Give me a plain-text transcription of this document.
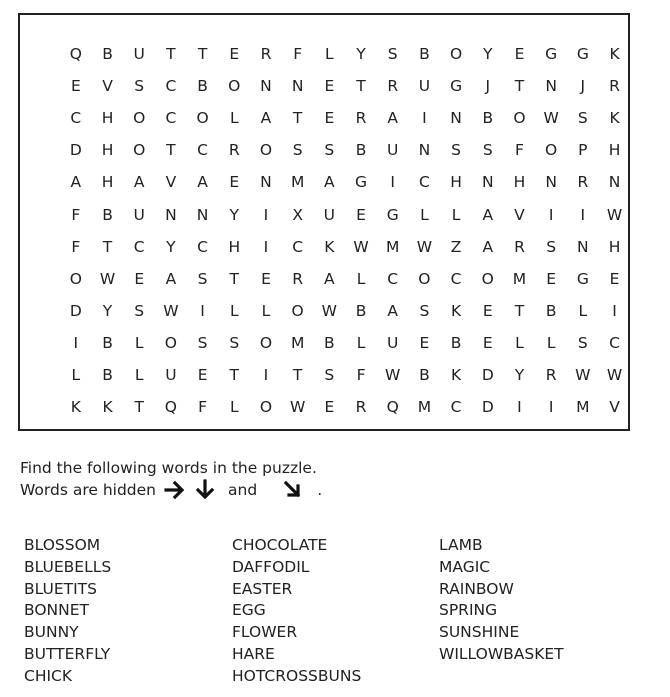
Q	B	U	T	T	E	R	F	L	Y	S	B	O	Y	E	G	G	K
E	V	S	C	B	O	N	N	E	T	R	U	G	J	T	N	J	R
C	H	O	C	O	L	A	T	E	R	A	I	N	B	O	W	S	K
D	H	O	T	C	R	O	S	S	B	U	N	S	S	F	O	P	H
A	H	A	V	A	E	N	M	A	G	I	C	H	N	H	N	R	N
F	B	U	N	N	Y	I	X	U	E	G	L	L	A	V	I	I	W
F	T	C	Y	C	H	I	C	K	W	M	W	Z	A	R	S	N	H
O	W	E	A	S	T	E	R	A	L	C	O	C	O	M	E	G	E
D	Y	S	W	I	L	L	O	W	B	A	S	K	E	T	B	L	I
I	B	L	O	S	S	O	M	B	L	U	E	B	E	L	L	S	C
L	B	L	U	E	T	I	T	S	F	W	B	K	D	Y	R	W	W
K	K	T	Q	F	L	O	W	E	R	Q	M	C	D	I	I	M	V
Find the following words in the puzzle.
Words are hidden	and	.
BLOSSOM
BLUEBELLS
BLUETITS
BONNET
BUNNY
BUTTERFLY
CHICK
CHOCOLATE
DAFFODIL
EASTER
EGG
FLOWER
HARE
HOTCROSSBUNS
LAMB
MAGIC
RAINBOW
SPRING
SUNSHINE
WILLOWBASKET
